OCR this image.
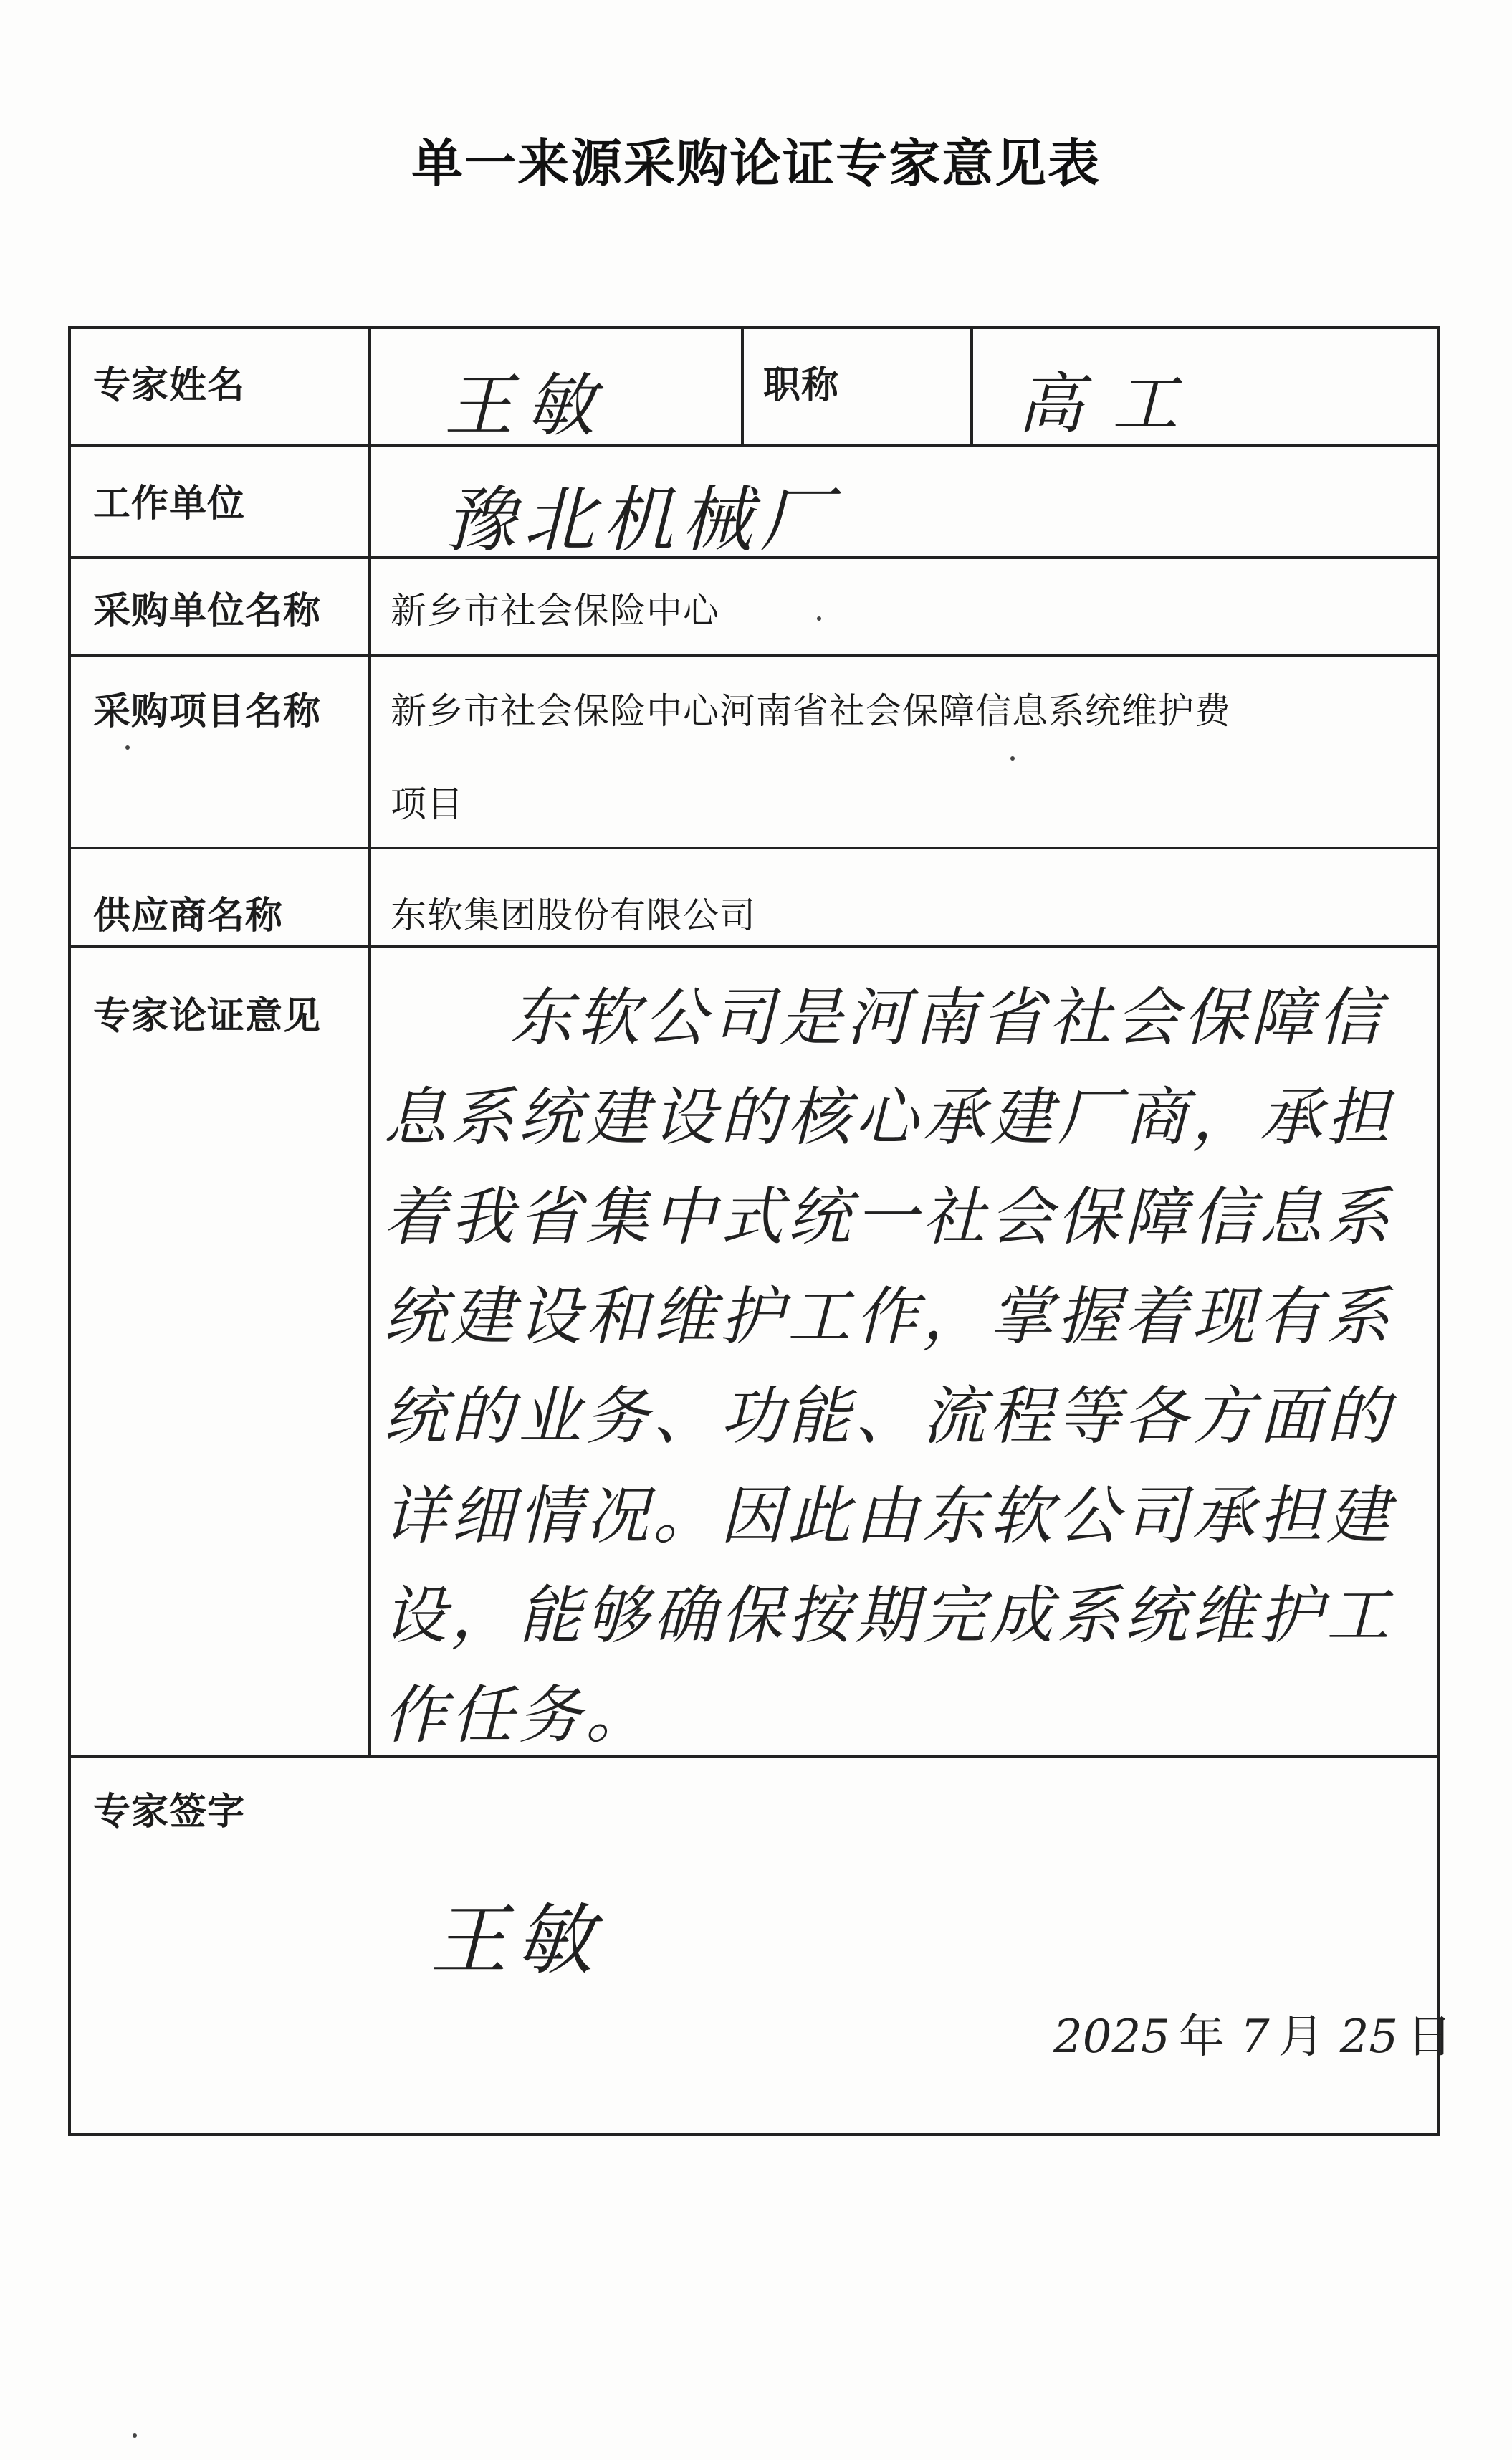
单一来源采购论证专家意见表
专家姓名	王敏	职称	高工
工作单位	豫北机械厂
采购单位名称 新乡市社会保险中心
采购项目名称 新乡市社会保险中心河南省社会保障信息系统维护费
项目
供应商名称	东软集团股份有限公司
专家论证意见	东软公司是河南省社会保障信息系统建设的核心承建厂商，承担着我省集中式统一社会保障信息系统建设和维护工作，掌握着现有系统的业务、功能、流程等各方面的详细情况。因此由东软公司承担建设，能够确保按期完成系统维护工作任务。
专家签字
王敏
2025 年 7 月 25 日
